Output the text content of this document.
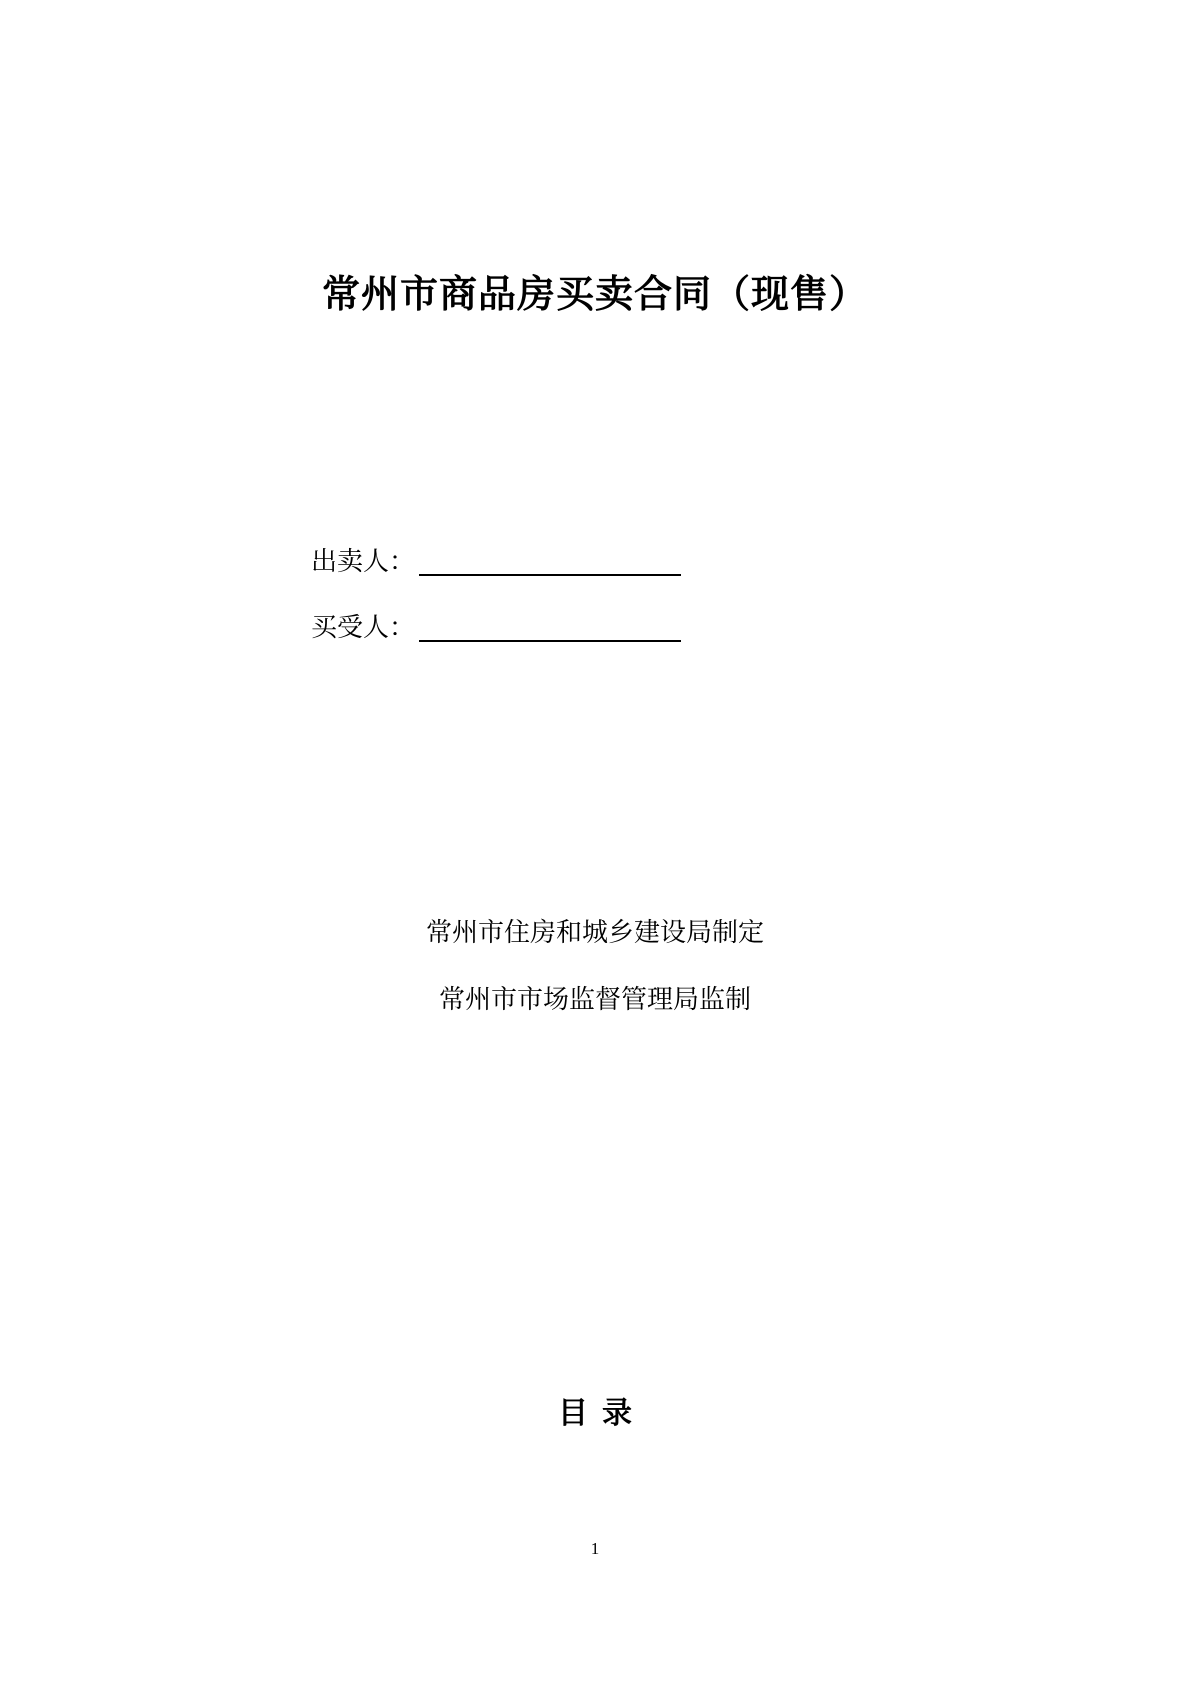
常州市商品房买卖合同（现售）
出卖人：
买受人：
常州市住房和城乡建设局制定
常州市市场监督管理局监制
目录
1
